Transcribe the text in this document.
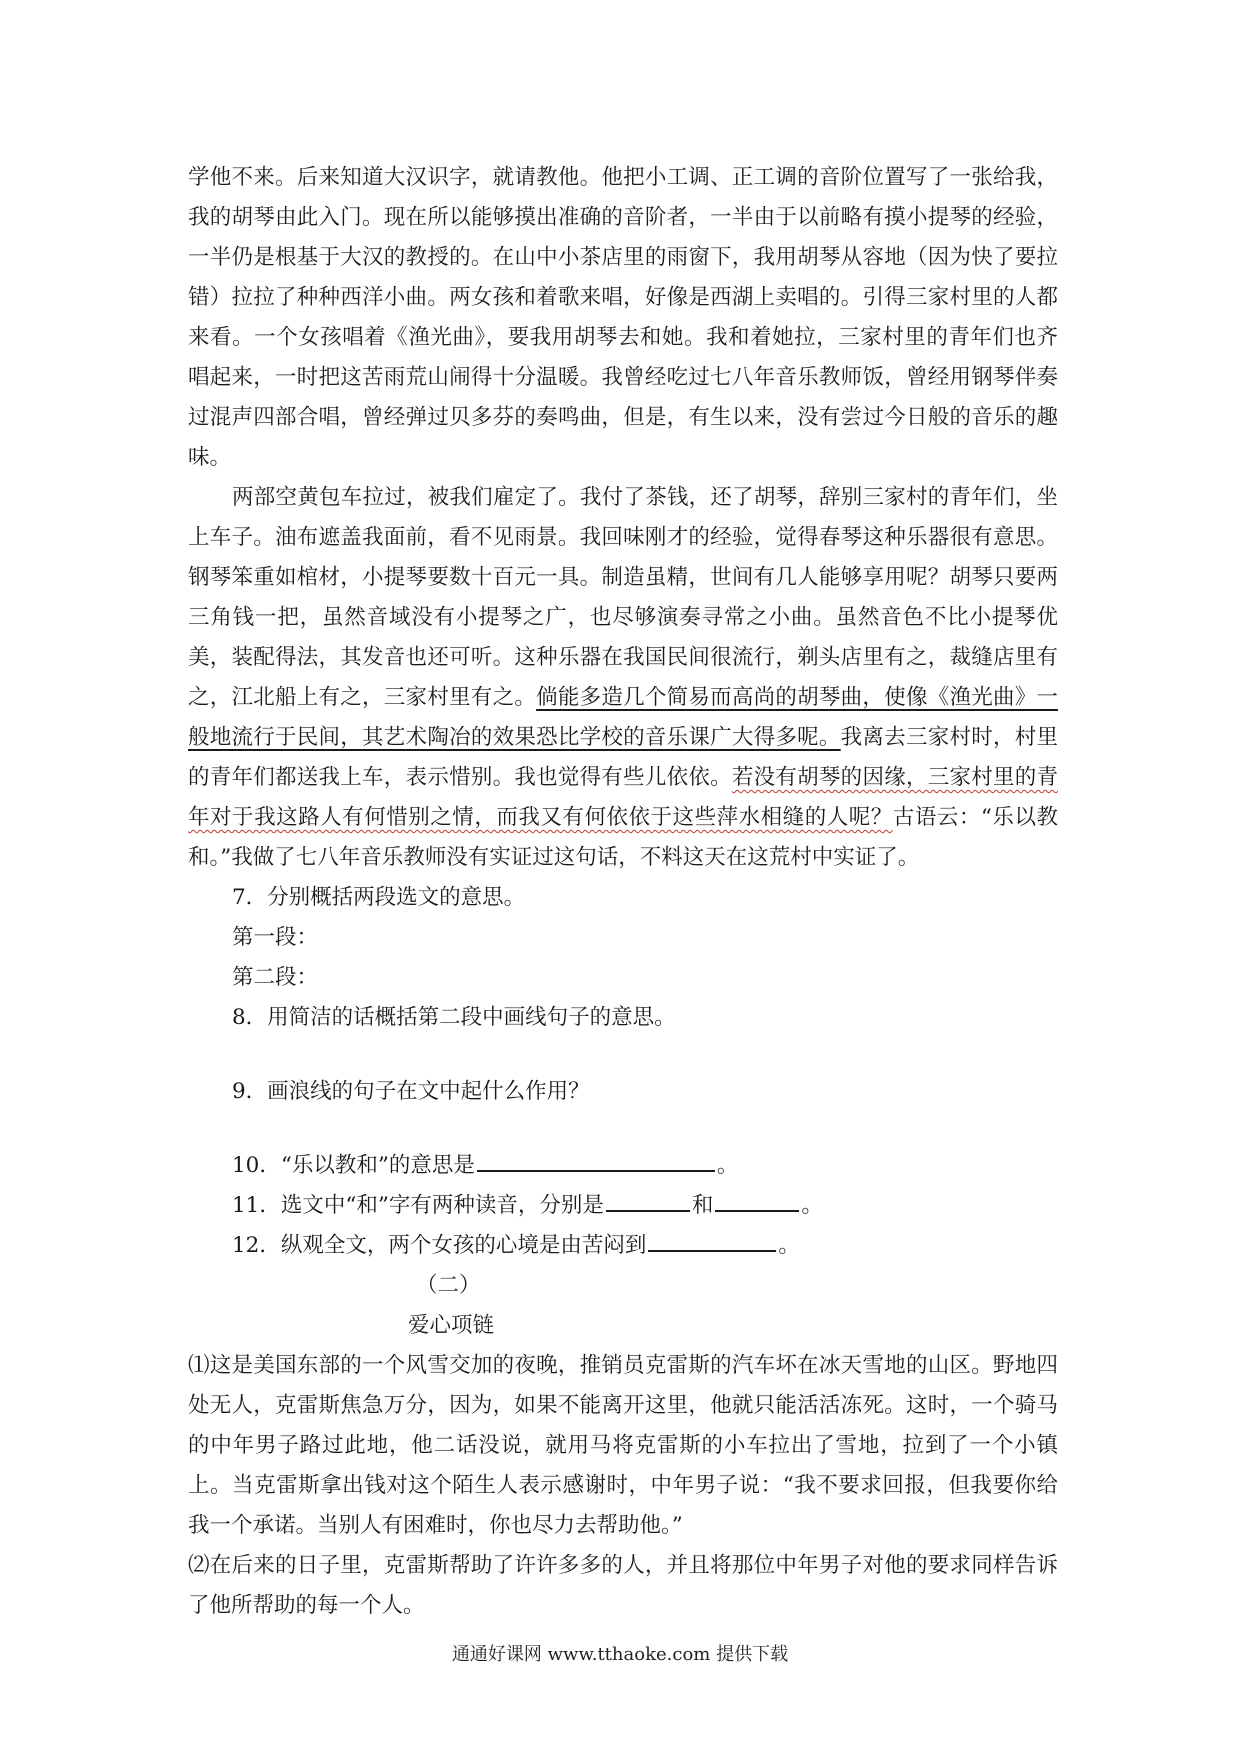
学他不来。后来知道大汉识字，就请教他。他把小工调、正工调的音阶位置写了一张给我，我的胡琴由此入门。现在所以能够摸出准确的音阶者，一半由于以前略有摸小提琴的经验，一半仍是根基于大汉的教授的。在山中小茶店里的雨窗下，我用胡琴从容地（因为快了要拉错）拉拉了种种西洋小曲。两女孩和着歌来唱，好像是西湖上卖唱的。引得三家村里的人都来看。一个女孩唱着《渔光曲》，要我用胡琴去和她。我和着她拉，三家村里的青年们也齐唱起来，一时把这苦雨荒山闹得十分温暖。我曾经吃过七八年音乐教师饭，曾经用钢琴伴奏过混声四部合唱，曾经弹过贝多芬的奏鸣曲，但是，有生以来，没有尝过今日般的音乐的趣味。

两部空黄包车拉过，被我们雇定了。我付了茶钱，还了胡琴，辞别三家村的青年们，坐上车子。油布遮盖我面前，看不见雨景。我回味刚才的经验，觉得春琴这种乐器很有意思。钢琴笨重如棺材，小提琴要数十百元一具。制造虽精，世间有几人能够享用呢？胡琴只要两三角钱一把，虽然音域没有小提琴之广，也尽够演奏寻常之小曲。虽然音色不比小提琴优美，装配得法，其发音也还可听。这种乐器在我国民间很流行，剃头店里有之，裁缝店里有之，江北船上有之，三家村里有之。倘能多造几个简易而高尚的胡琴曲，使像《渔光曲》一般地流行于民间，其艺术陶冶的效果恐比学校的音乐课广大得多呢。我离去三家村时，村里的青年们都送我上车，表示惜别。我也觉得有些儿依依。若没有胡琴的因缘，三家村里的青年对于我这路人有何惜别之情，而我又有何依依于这些萍水相缝的人呢？古语云：“乐以教和。”我做了七八年音乐教师没有实证过这句话，不料这天在这荒村中实证了。

7．分别概括两段选文的意思。

第一段：

第二段：

8．用简洁的话概括第二段中画线句子的意思。

9．画浪线的句子在文中起什么作用？

10．“乐以教和”的意思是	。

11．选文中“和”字有两种读音，分别是	和	。

12．纵观全文，两个女孩的心境是由苦闷到	。

（二）

爱心项链

⑴这是美国东部的一个风雪交加的夜晚，推销员克雷斯的汽车坏在冰天雪地的山区。野地四处无人，克雷斯焦急万分，因为，如果不能离开这里，他就只能活活冻死。这时，一个骑马的中年男子路过此地，他二话没说，就用马将克雷斯的小车拉出了雪地，拉到了一个小镇上。当克雷斯拿出钱对这个陌生人表示感谢时，中年男子说：“我不要求回报，但我要你给我一个承诺。当别人有困难时，你也尽力去帮助他。”

⑵在后来的日子里，克雷斯帮助了许许多多的人，并且将那位中年男子对他的要求同样告诉了他所帮助的每一个人。

通通好课网 www.tthaoke.com 提供下载
